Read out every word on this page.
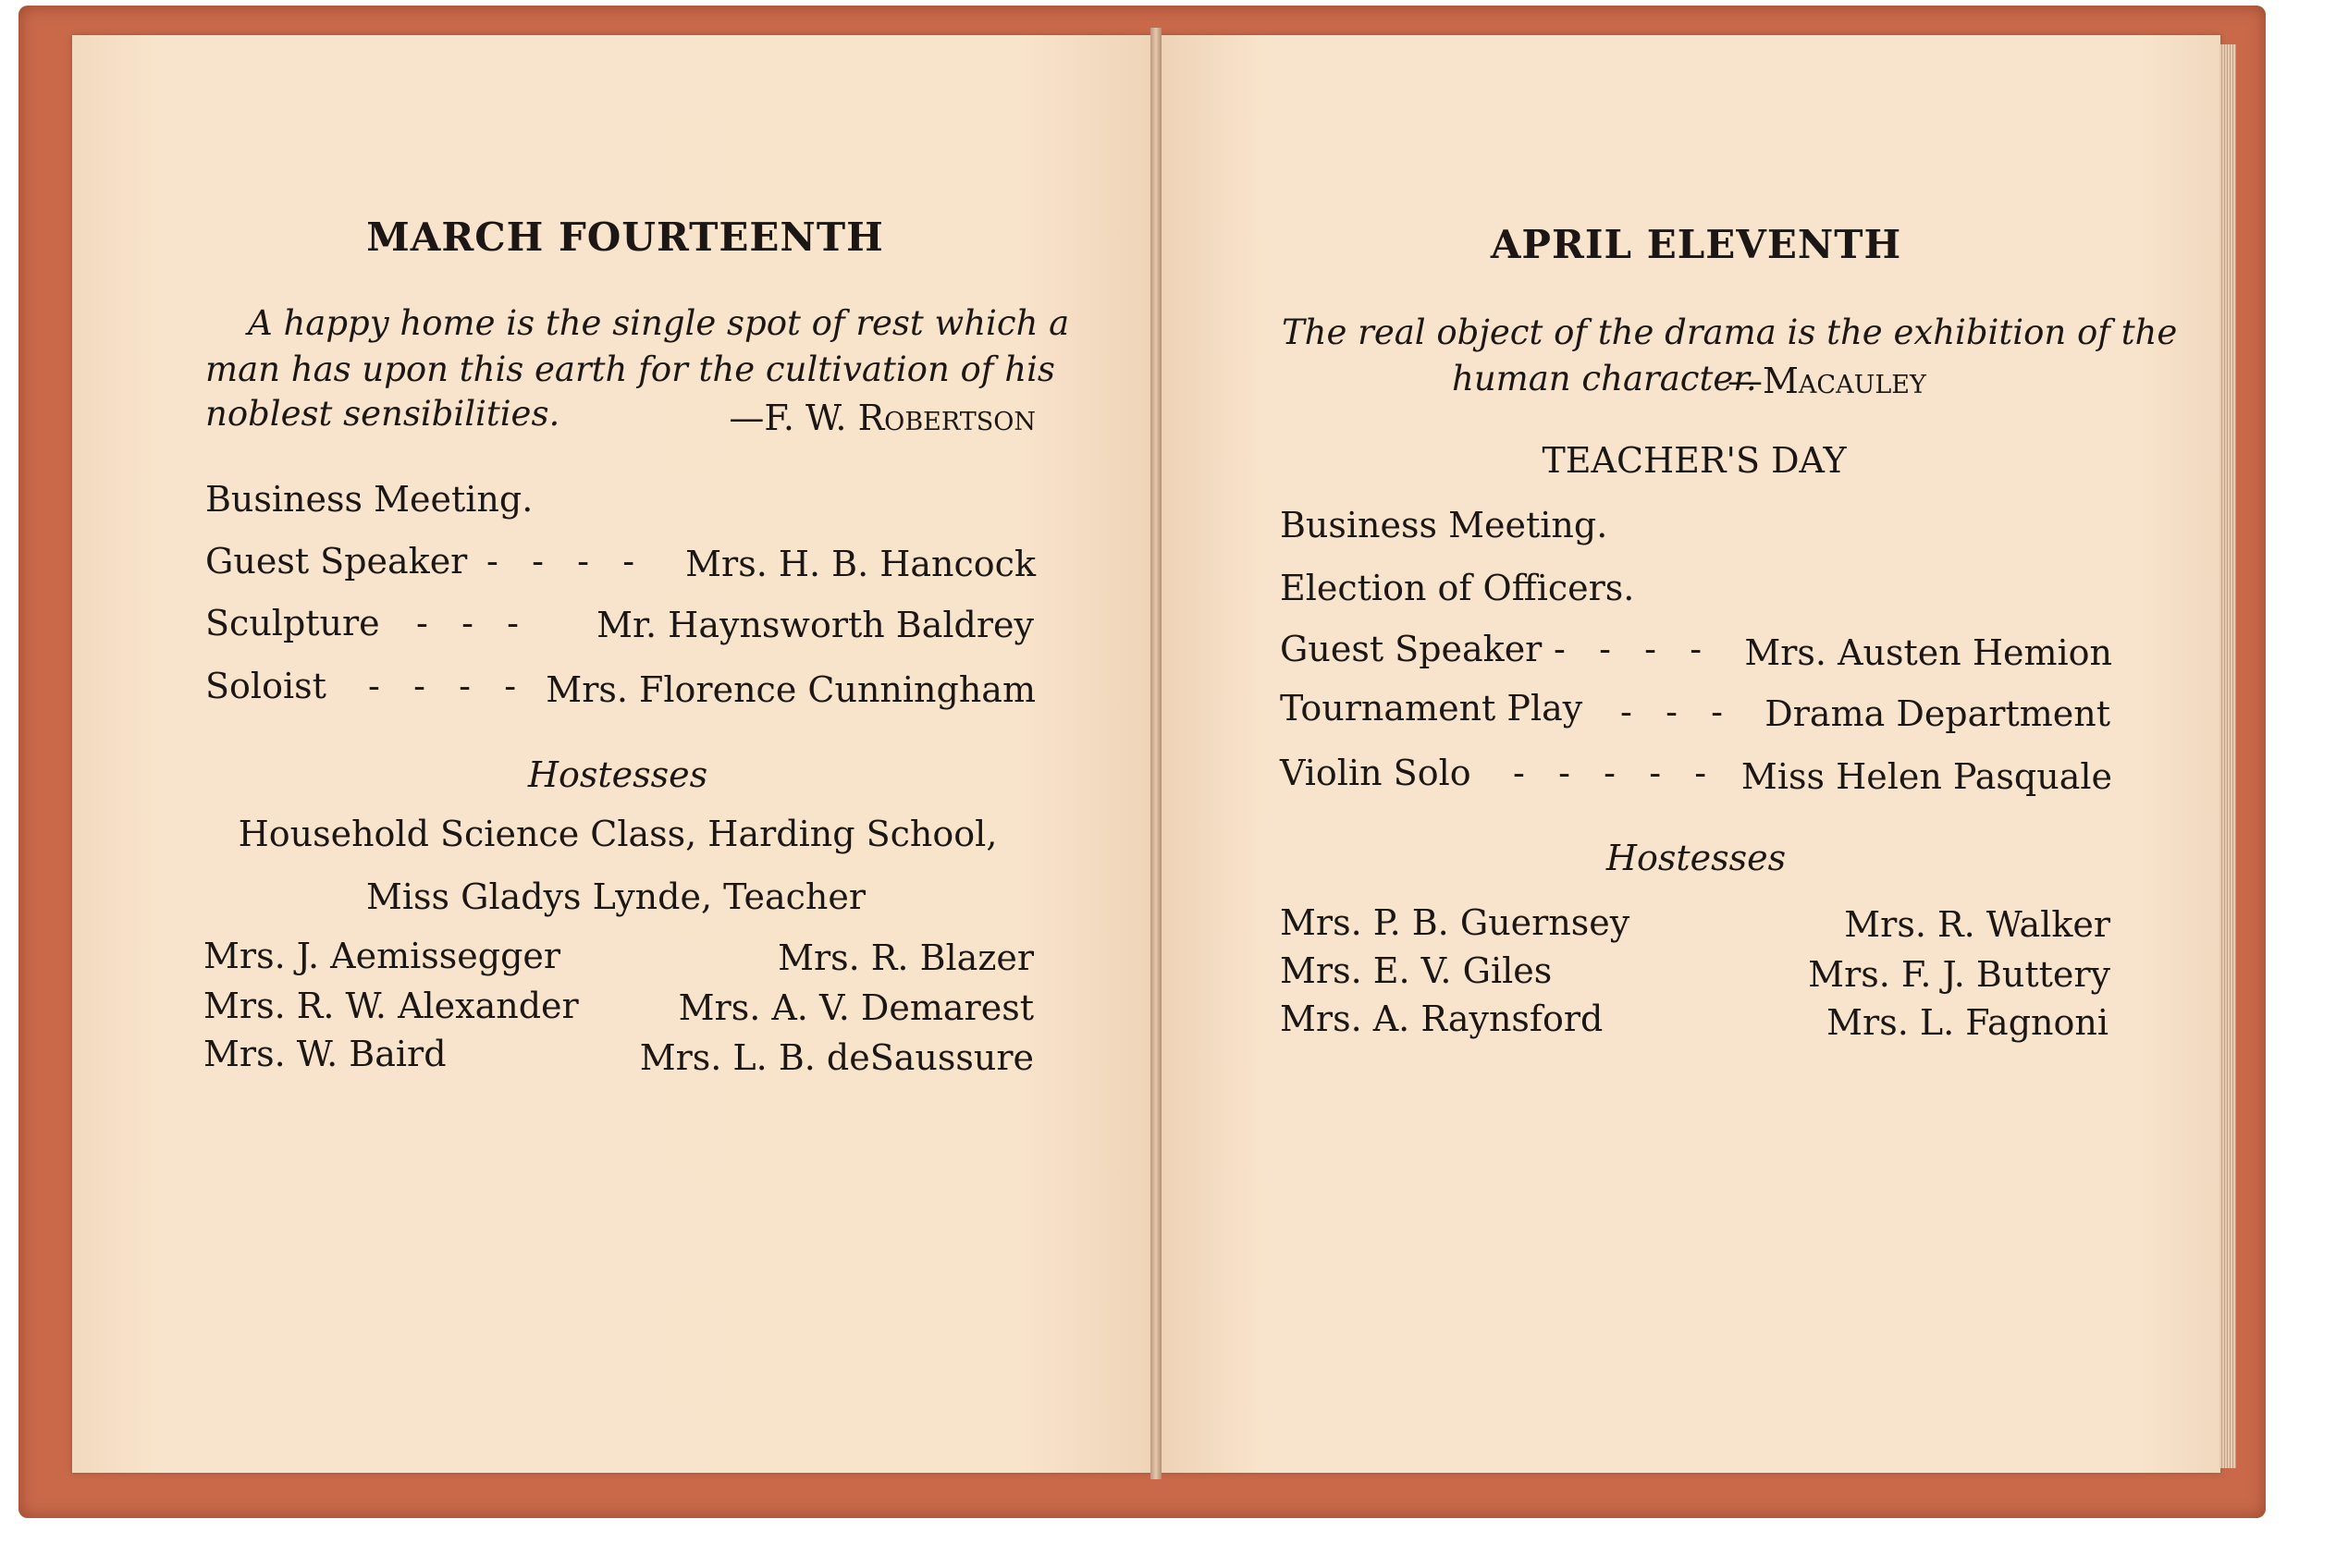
MARCH FOURTEENTH
A happy home is the single spot of rest which a
man has upon this earth for the cultivation of his
noblest sensibilities.	—F. W. Robertson
Business Meeting.
Guest Speaker -   -   -   - Mrs. H. B. Hancock
Sculpture -   -   - Mr. Haynsworth Baldrey
Soloist -   -   -   - Mrs. Florence Cunningham
Hostesses
Household Science Class, Harding School,
Miss Gladys Lynde, Teacher
Mrs. J. Aemissegger
Mrs. R. W. Alexander
Mrs. W. Baird
Mrs. R. Blazer
Mrs. A. V. Demarest
Mrs. L. B. deSaussure
APRIL ELEVENTH
The real object of the drama is the exhibition of the
human character.
—Macauley
TEACHER'S DAY
Business Meeting.
Election of Officers.
Guest Speaker -   -   -   - Mrs. Austen Hemion
Tournament Play -   -   - Drama Department
Violin Solo -   -   -   -   - Miss Helen Pasquale
Hostesses
Mrs. P. B. Guernsey
Mrs. E. V. Giles
Mrs. A. Raynsford
Mrs. R. Walker
Mrs. F. J. Buttery
Mrs. L. Fagnoni
